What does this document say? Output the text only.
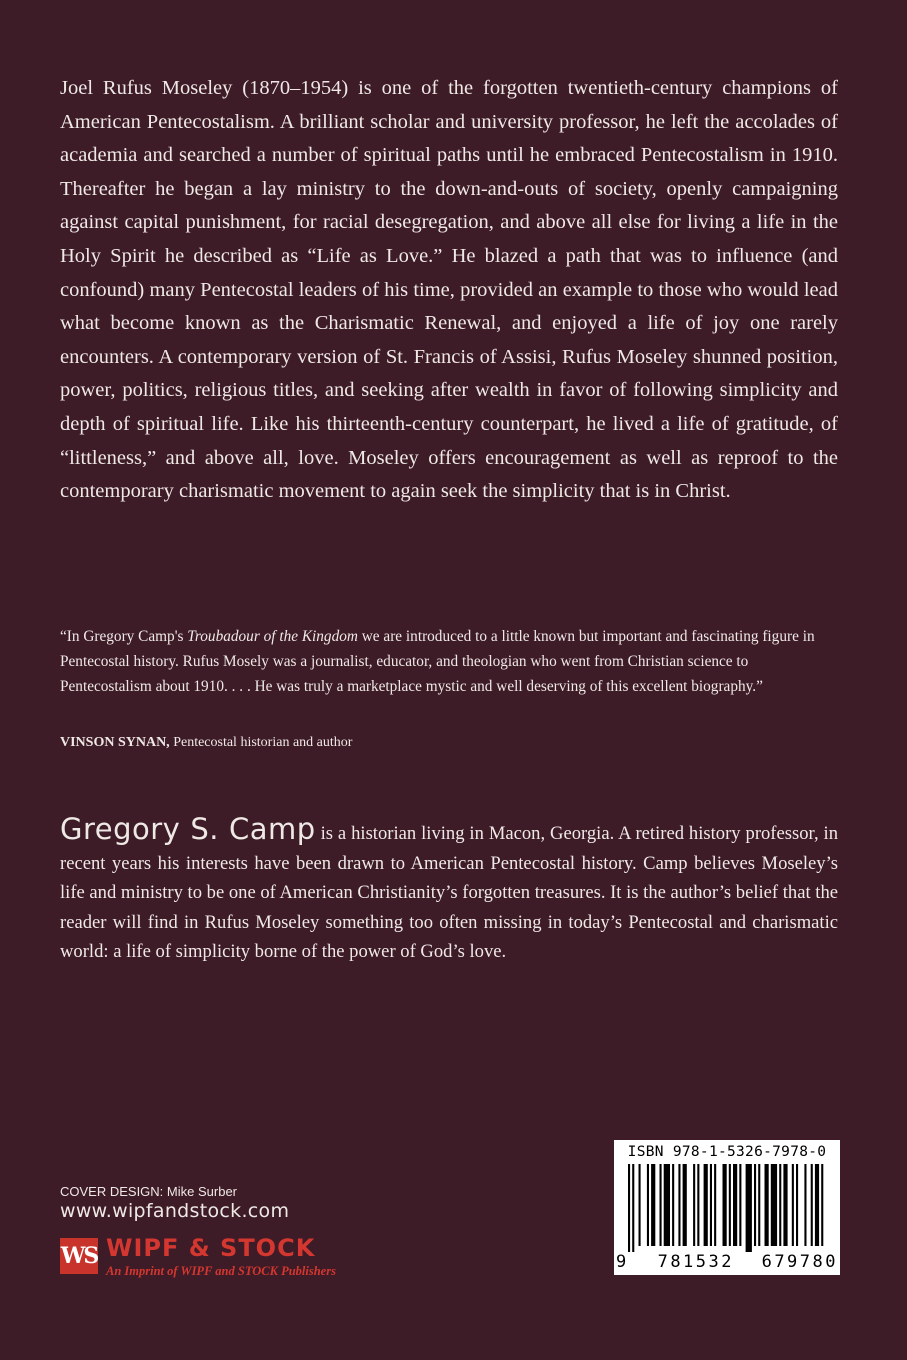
Joel Rufus Moseley (1870–1954) is one of the forgotten twentieth-century champions of American Pentecostalism. A brilliant scholar and university professor, he left the accolades of academia and searched a number of spiritual paths until he embraced Pentecostalism in 1910. Thereafter he began a lay ministry to the down-and-outs of society, openly campaigning against capital punishment, for racial desegregation, and above all else for living a life in the Holy Spirit he described as “Life as Love.” He blazed a path that was to influence (and confound) many Pentecostal leaders of his time, provided an example to those who would lead what become known as the Charismatic Renewal, and enjoyed a life of joy one rarely encounters. A contemporary version of St. Francis of Assisi, Rufus Moseley shunned position, power, politics, religious titles, and seeking after wealth in favor of following simplicity and depth of spiritual life. Like his thirteenth-century counterpart, he lived a life of gratitude, of “littleness,” and above all, love. Moseley offers encouragement as well as reproof to the contemporary charismatic movement to again seek the simplicity that is in Christ.

“In Gregory Camp's Troubadour of the Kingdom we are introduced to a little known but important and fascinating figure in Pentecostal history. Rufus Mosely was a journalist, educator, and theologian who went from Christian science to Pentecostalism about 1910. . . . He was truly a marketplace mystic and well deserving of this excellent biography.”

VINSON SYNAN, Pentecostal historian and author

Gregory S. Camp is a historian living in Macon, Georgia. A retired history professor, in recent years his interests have been drawn to American Pentecostal history. Camp believes Moseley’s life and ministry to be one of American Christianity’s forgotten treasures. It is the author’s belief that the reader will find in Rufus Moseley something too often missing in today’s Pentecostal and charismatic world: a life of simplicity borne of the power of God’s love.

COVER DESIGN: Mike Surber

www.wipfandstock.com
WS WIPF & STOCK
An Imprint of WIPF and STOCK Publishers
ISBN 978-1-5326-7978-0
9 781532 679780
